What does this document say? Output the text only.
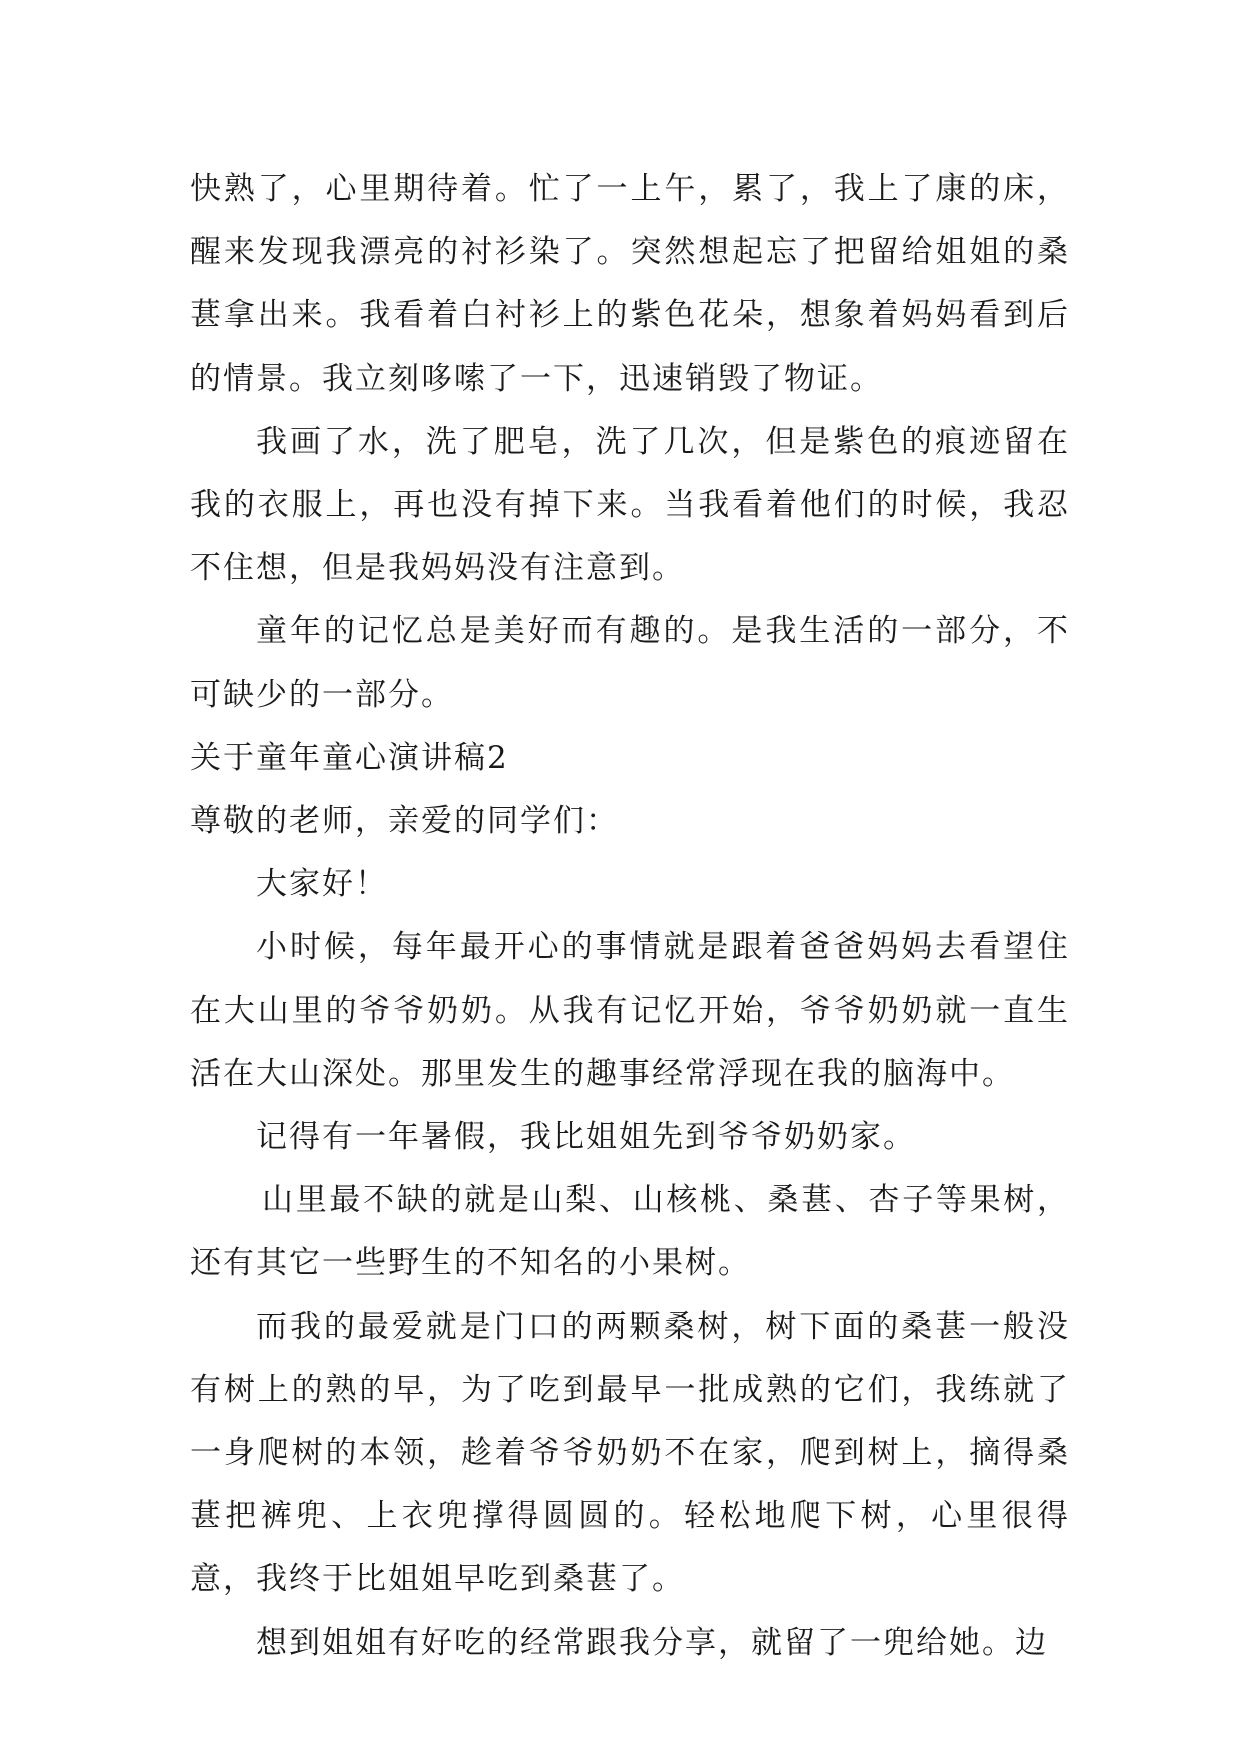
快熟了，心里期待着。忙了一上午，累了，我上了康的床，醒来发现我漂亮的衬衫染了。突然想起忘了把留给姐姐的桑葚拿出来。我看着白衬衫上的紫色花朵，想象着妈妈看到后的情景。我立刻哆嗦了一下，迅速销毁了物证。

我画了水，洗了肥皂，洗了几次，但是紫色的痕迹留在我的衣服上，再也没有掉下来。当我看着他们的时候，我忍不住想，但是我妈妈没有注意到。

童年的记忆总是美好而有趣的。是我生活的一部分，不可缺少的一部分。

关于童年童心演讲稿2

尊敬的老师，亲爱的同学们：

大家好！

小时候，每年最开心的事情就是跟着爸爸妈妈去看望住在大山里的爷爷奶奶。从我有记忆开始，爷爷奶奶就一直生活在大山深处。那里发生的趣事经常浮现在我的脑海中。

记得有一年暑假，我比姐姐先到爷爷奶奶家。

山里最不缺的就是山梨、山核桃、桑葚、杏子等果树，还有其它一些野生的不知名的小果树。

而我的最爱就是门口的两颗桑树，树下面的桑葚一般没有树上的熟的早，为了吃到最早一批成熟的它们，我练就了一身爬树的本领，趁着爷爷奶奶不在家，爬到树上，摘得桑葚把裤兜、上衣兜撑得圆圆的。轻松地爬下树，心里很得意，我终于比姐姐早吃到桑葚了。

想到姐姐有好吃的经常跟我分享，就留了一兜给她。边
